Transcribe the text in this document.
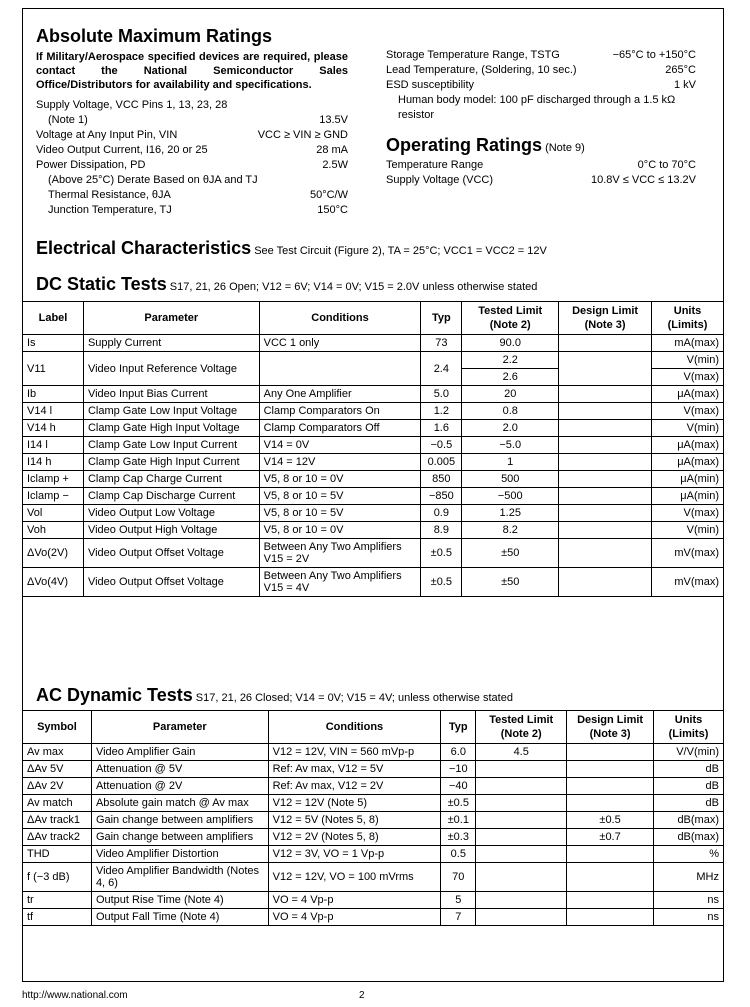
Absolute Maximum Ratings
If Military/Aerospace specified devices are required, please contact the National Semiconductor Sales Office/Distributors for availability and specifications.
Supply Voltage, VCC Pins 1, 13, 23, 28
(Note 1)	13.5V
Voltage at Any Input Pin, VIN	VCC ≥ VIN ≥ GND
Video Output Current, I16, 20 or 25	28 mA
Power Dissipation, PD	2.5W
(Above 25°C) Derate Based on θJA and TJ
Thermal Resistance, θJA	50°C/W
Junction Temperature, TJ	150°C
Storage Temperature Range, TSTG	−65°C to +150°C
Lead Temperature, (Soldering, 10 sec.)	265°C
ESD susceptibility	1 kV
Human body model: 100 pF discharged through a 1.5 kΩ resistor
Operating Ratings (Note 9)
Temperature Range	0°C to 70°C
Supply Voltage (VCC)	10.8V ≤ VCC ≤ 13.2V
Electrical Characteristics See Test Circuit (Figure 2), TA = 25°C; VCC1 = VCC2 = 12V
DC Static Tests S17, 21, 26 Open; V12 = 6V; V14 = 0V; V15 = 2.0V unless otherwise stated
Label	Parameter	Conditions	Typ	Tested Limit (Note 2)	Design Limit (Note 3)	Units (Limits)
Is	Supply Current	VCC 1 only	73	90.0		mA(max)
V11	Video Input Reference Voltage		2.4	2.2		V(min)
				2.6		V(max)
Ib	Video Input Bias Current	Any One Amplifier	5.0	20		μA(max)
V14 l	Clamp Gate Low Input Voltage	Clamp Comparators On	1.2	0.8		V(max)
V14 h	Clamp Gate High Input Voltage	Clamp Comparators Off	1.6	2.0		V(min)
I14 l	Clamp Gate Low Input Current	V14 = 0V	−0.5	−5.0		μA(max)
I14 h	Clamp Gate High Input Current	V14 = 12V	0.005	1		μA(max)
Iclamp +	Clamp Cap Charge Current	V5, 8 or 10 = 0V	850	500		μA(min)
Iclamp −	Clamp Cap Discharge Current	V5, 8 or 10 = 5V	−850	−500		μA(min)
Vol	Video Output Low Voltage	V5, 8 or 10 = 5V	0.9	1.25		V(max)
Voh	Video Output High Voltage	V5, 8 or 10 = 0V	8.9	8.2		V(min)
ΔVo(2V)	Video Output Offset Voltage	Between Any Two Amplifiers V15 = 2V	±0.5	±50		mV(max)
ΔVo(4V)	Video Output Offset Voltage	Between Any Two Amplifiers V15 = 4V	±0.5	±50		mV(max)
AC Dynamic Tests S17, 21, 26 Closed; V14 = 0V; V15 = 4V; unless otherwise stated
Symbol	Parameter	Conditions	Typ	Tested Limit (Note 2)	Design Limit (Note 3)	Units (Limits)
Av max	Video Amplifier Gain	V12 = 12V, VIN = 560 mVp-p	6.0	4.5		V/V(min)
ΔAv 5V	Attenuation @ 5V	Ref: Av max, V12 = 5V	−10			dB
ΔAv 2V	Attenuation @ 2V	Ref: Av max, V12 = 2V	−40			dB
Av match	Absolute gain match @ Av max	V12 = 12V (Note 5)	±0.5			dB
ΔAv track1	Gain change between amplifiers	V12 = 5V (Notes 5, 8)	±0.1		±0.5	dB(max)
ΔAv track2	Gain change between amplifiers	V12 = 2V (Notes 5, 8)	±0.3		±0.7	dB(max)
THD	Video Amplifier Distortion	V12 = 3V, VO = 1 Vp-p	0.5			%
f (−3 dB)	Video Amplifier Bandwidth (Notes 4, 6)	V12 = 12V, VO = 100 mVrms	70			MHz
tr	Output Rise Time (Note 4)	VO = 4 Vp-p	5			ns
tf	Output Fall Time (Note 4)	VO = 4 Vp-p	7			ns
http://www.national.com	2
